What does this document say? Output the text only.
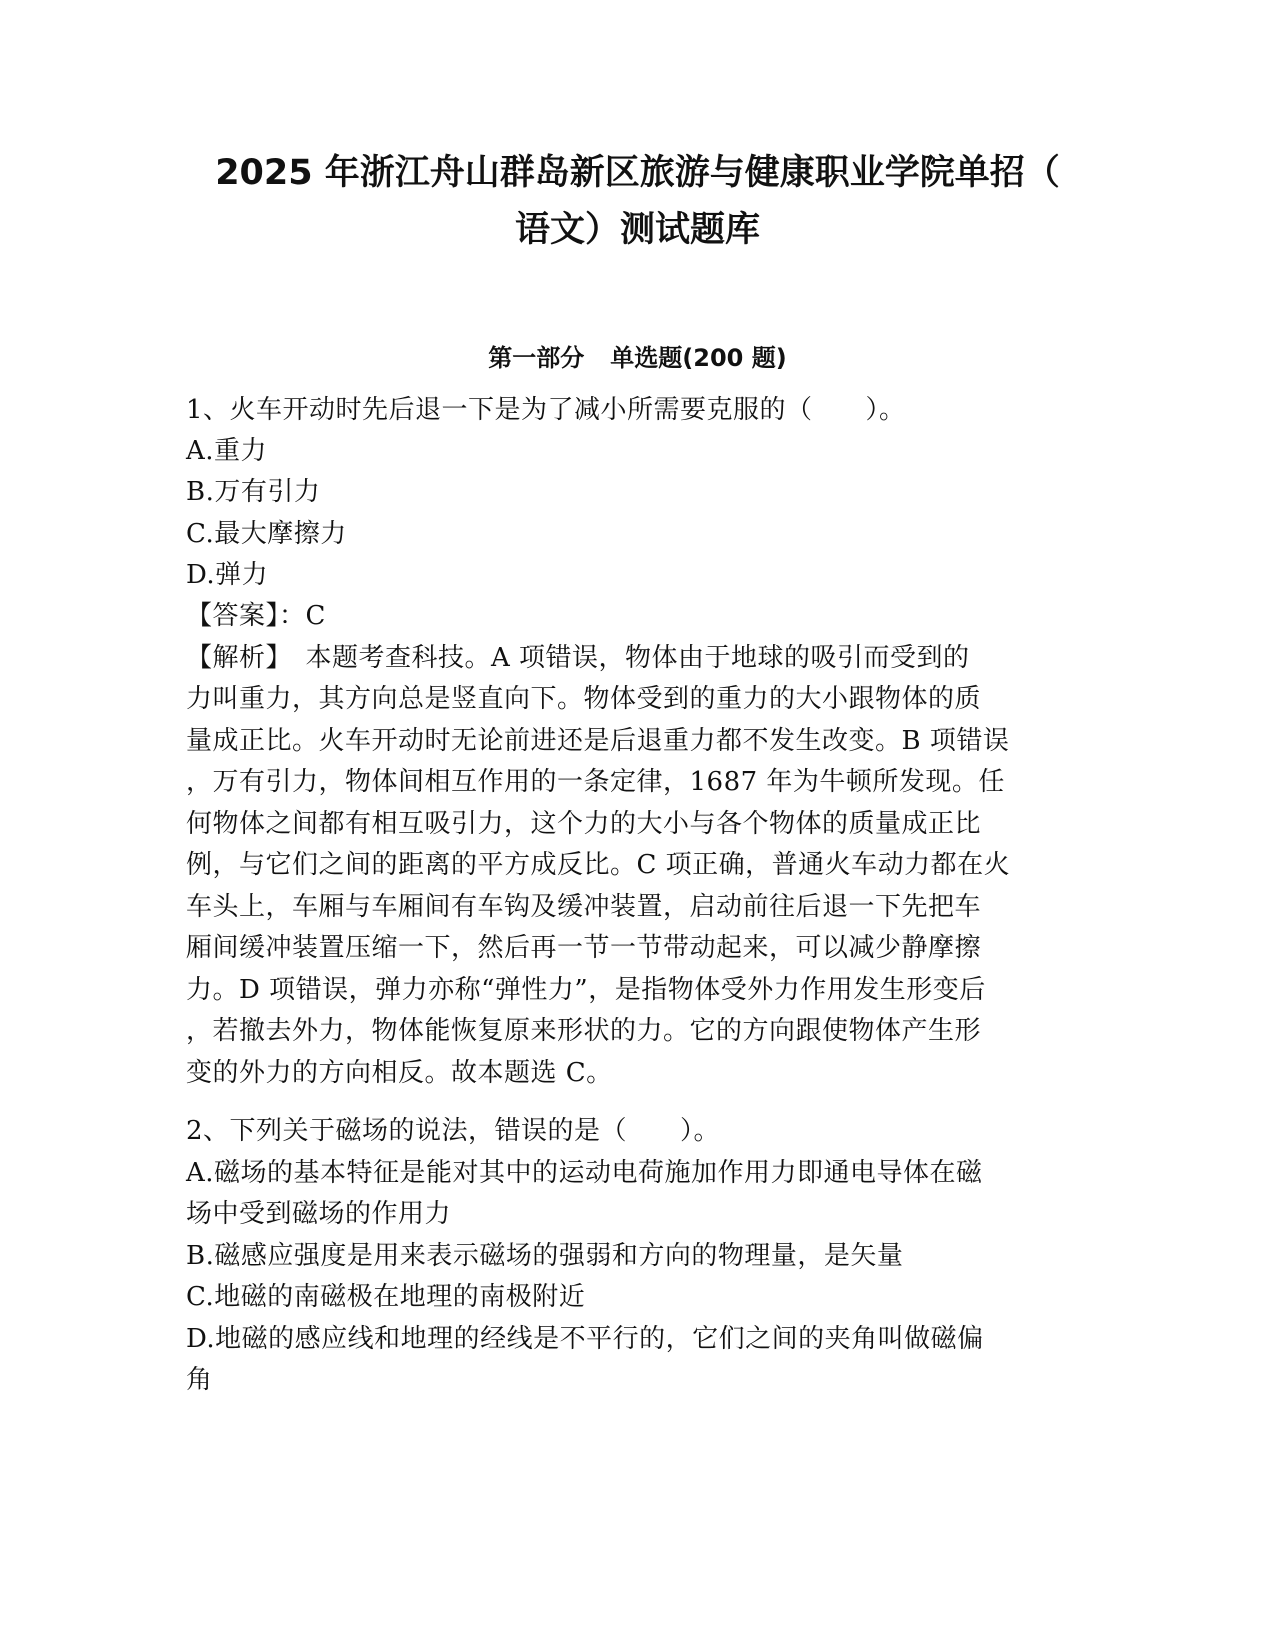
2025 年浙江舟山群岛新区旅游与健康职业学院单招（
语文）测试题库
第一部分 单选题(200 题)
1、火车开动时先后退一下是为了减小所需要克服的（　　）。
A.重力
B.万有引力
C.最大摩擦力
D.弹力
【答案】：C
【解析】　本题考查科技。A 项错误，物体由于地球的吸引而受到的
力叫重力，其方向总是竖直向下。物体受到的重力的大小跟物体的质
量成正比。火车开动时无论前进还是后退重力都不发生改变。B 项错误
，万有引力，物体间相互作用的一条定律，1687 年为牛顿所发现。任
何物体之间都有相互吸引力，这个力的大小与各个物体的质量成正比
例，与它们之间的距离的平方成反比。C 项正确，普通火车动力都在火
车头上，车厢与车厢间有车钩及缓冲装置，启动前往后退一下先把车
厢间缓冲装置压缩一下，然后再一节一节带动起来，可以减少静摩擦
力。D 项错误，弹力亦称“弹性力”，是指物体受外力作用发生形变后
，若撤去外力，物体能恢复原来形状的力。它的方向跟使物体产生形
变的外力的方向相反。故本题选 C。
2、下列关于磁场的说法，错误的是（　　）。
A.磁场的基本特征是能对其中的运动电荷施加作用力即通电导体在磁
场中受到磁场的作用力
B.磁感应强度是用来表示磁场的强弱和方向的物理量，是矢量
C.地磁的南磁极在地理的南极附近
D.地磁的感应线和地理的经线是不平行的，它们之间的夹角叫做磁偏
角
